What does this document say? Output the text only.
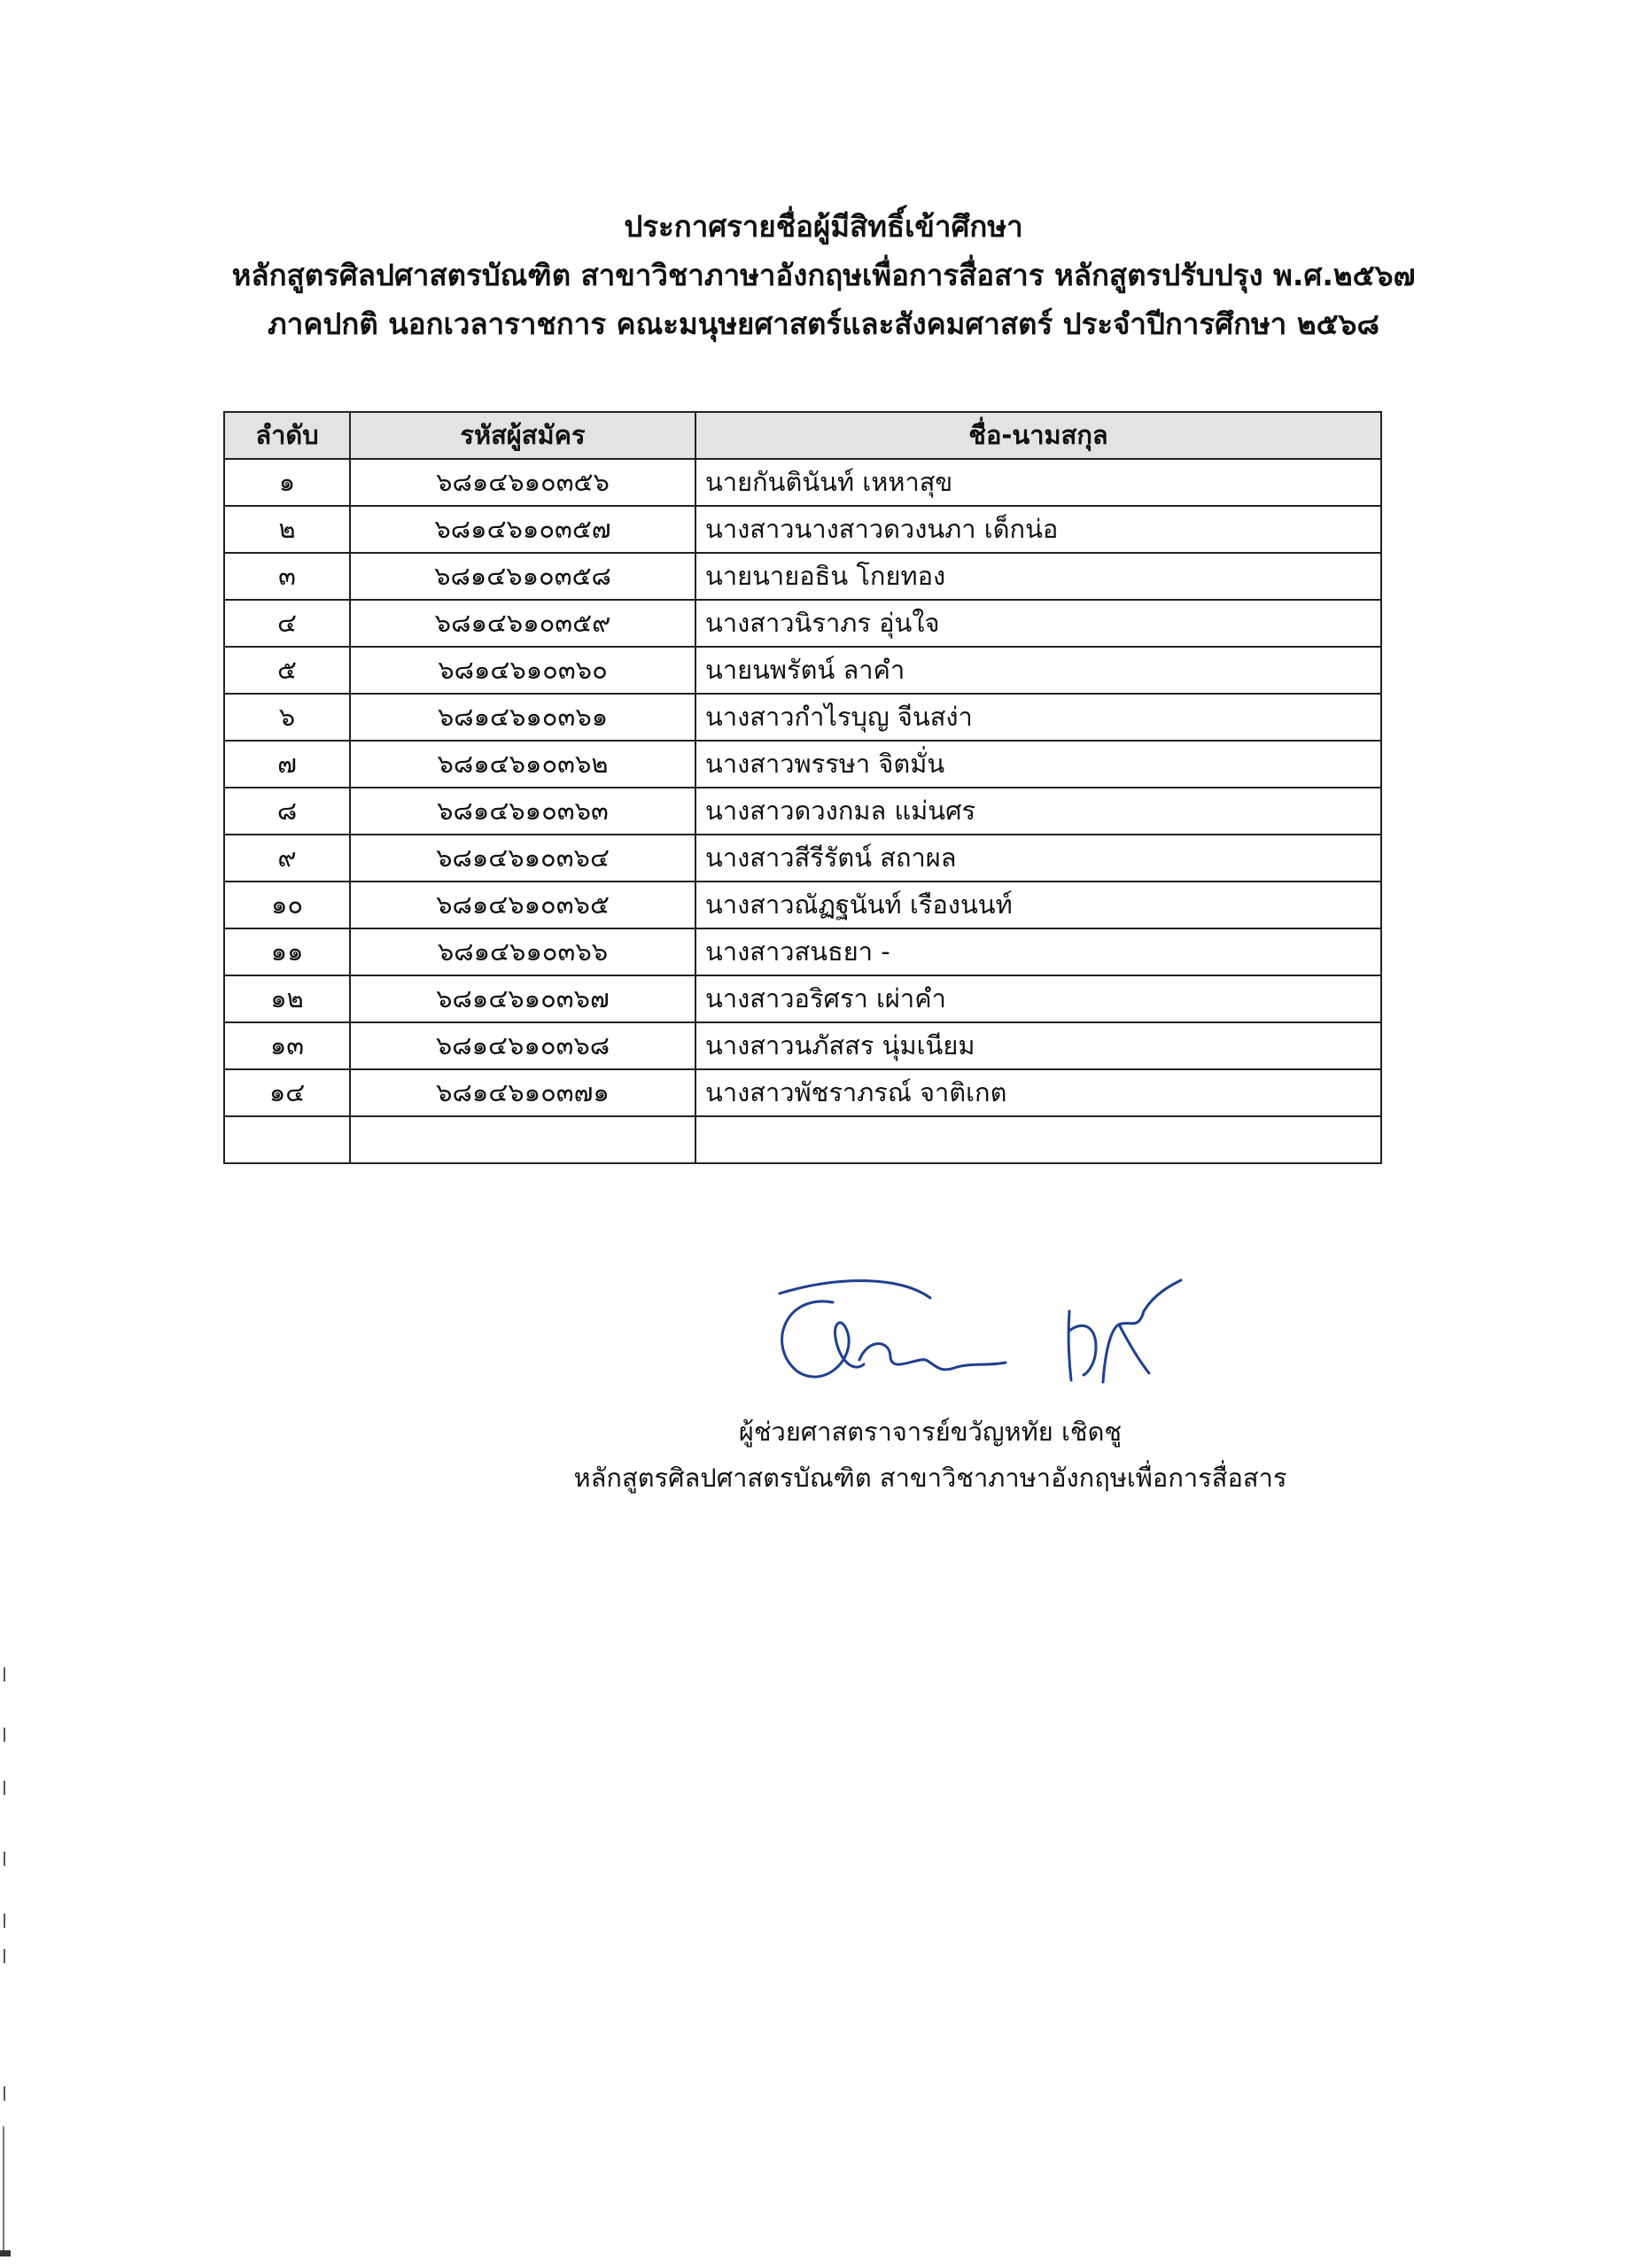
ประกาศรายชื่อผู้มีสิทธิ์เข้าศึกษา
หลักสูตรศิลปศาสตรบัณฑิต สาขาวิชาภาษาอังกฤษเพื่อการสื่อสาร หลักสูตรปรับปรุง พ.ศ.๒๕๖๗
ภาคปกติ นอกเวลาราชการ คณะมนุษยศาสตร์และสังคมศาสตร์ ประจำปีการศึกษา ๒๕๖๘
ลำดับ	รหัสผู้สมัคร	ชื่อ-นามสกุล
๑	๖๘๑๔๖๑๐๓๕๖	นายกันตินันท์ เหหาสุข
๒	๖๘๑๔๖๑๐๓๕๗	นางสาวนางสาวดวงนภา เด็กน่อ
๓	๖๘๑๔๖๑๐๓๕๘	นายนายอธิน โกยทอง
๔	๖๘๑๔๖๑๐๓๕๙	นางสาวนิราภร อุ่นใจ
๕	๖๘๑๔๖๑๐๓๖๐	นายนพรัตน์ ลาคำ
๖	๖๘๑๔๖๑๐๓๖๑	นางสาวกำไรบุญ จีนสง่า
๗	๖๘๑๔๖๑๐๓๖๒	นางสาวพรรษา จิตมั่น
๘	๖๘๑๔๖๑๐๓๖๓	นางสาวดวงกมล แม่นศร
๙	๖๘๑๔๖๑๐๓๖๔	นางสาวสีรีรัตน์ สถาผล
๑๐	๖๘๑๔๖๑๐๓๖๕	นางสาวณัฏฐนันท์ เรืองนนท์
๑๑	๖๘๑๔๖๑๐๓๖๖	นางสาวสนธยา -
๑๒	๖๘๑๔๖๑๐๓๖๗	นางสาวอริศรา เผ่าคำ
๑๓	๖๘๑๔๖๑๐๓๖๘	นางสาวนภัสสร นุ่มเนียม
๑๔	๖๘๑๔๖๑๐๓๗๑	นางสาวพัชราภรณ์ จาติเกต

ผู้ช่วยศาสตราจารย์ขวัญหทัย เชิดชู
หลักสูตรศิลปศาสตรบัณฑิต สาขาวิชาภาษาอังกฤษเพื่อการสื่อสาร
